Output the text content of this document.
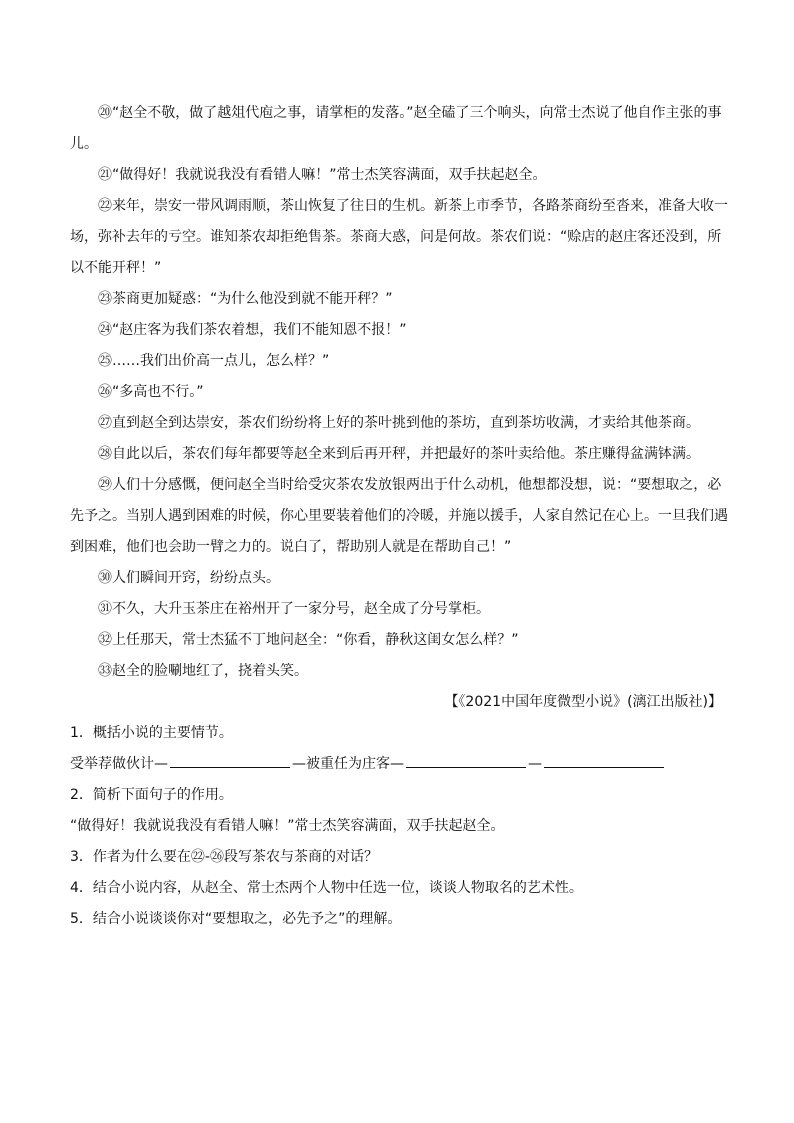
⑳“赵全不敬，做了越俎代庖之事，请掌柜的发落。”赵全磕了三个响头，向常士杰说了他自作主张的事儿。

㉑“做得好！我就说我没有看错人嘛！”常士杰笑容满面，双手扶起赵全。

㉒来年，崇安一带风调雨顺，茶山恢复了往日的生机。新茶上市季节，各路茶商纷至沓来，准备大收一场，弥补去年的亏空。谁知茶农却拒绝售茶。茶商大惑，问是何故。茶农们说：“赊店的赵庄客还没到，所以不能开秤！”

㉓茶商更加疑惑：“为什么他没到就不能开秤？”

㉔“赵庄客为我们茶农着想，我们不能知恩不报！”

㉕……我们出价高一点儿，怎么样？”

㉖“多高也不行。”

㉗直到赵全到达崇安，茶农们纷纷将上好的茶叶挑到他的茶坊，直到茶坊收满，才卖给其他茶商。

㉘自此以后，茶农们每年都要等赵全来到后再开秤，并把最好的茶叶卖给他。茶庄赚得盆满钵满。

㉙人们十分感慨，便问赵全当时给受灾茶农发放银两出于什么动机，他想都没想，说：“要想取之，必先予之。当别人遇到困难的时候，你心里要装着他们的冷暖，并施以援手，人家自然记在心上。一旦我们遇到困难，他们也会助一臂之力的。说白了，帮助别人就是在帮助自己！”

㉚人们瞬间开窍，纷纷点头。

㉛不久，大升玉茶庄在裕州开了一家分号，赵全成了分号掌柜。

㉜上任那天，常士杰猛不丁地问赵全：“你看，静秋这闺女怎么样？”

㉝赵全的脸唰地红了，挠着头笑。

【《2021中国年度微型小说》(漓江出版社)】

1．概括小说的主要情节。

受举荐做伙计—	—被重任为庄客—	—

2．简析下面句子的作用。

“做得好！我就说我没有看错人嘛！”常士杰笑容满面，双手扶起赵全。

3．作者为什么要在㉒-㉖段写茶农与茶商的对话？

4．结合小说内容，从赵全、常士杰两个人物中任选一位，谈谈人物取名的艺术性。

5．结合小说谈谈你对“要想取之，必先予之”的理解。
